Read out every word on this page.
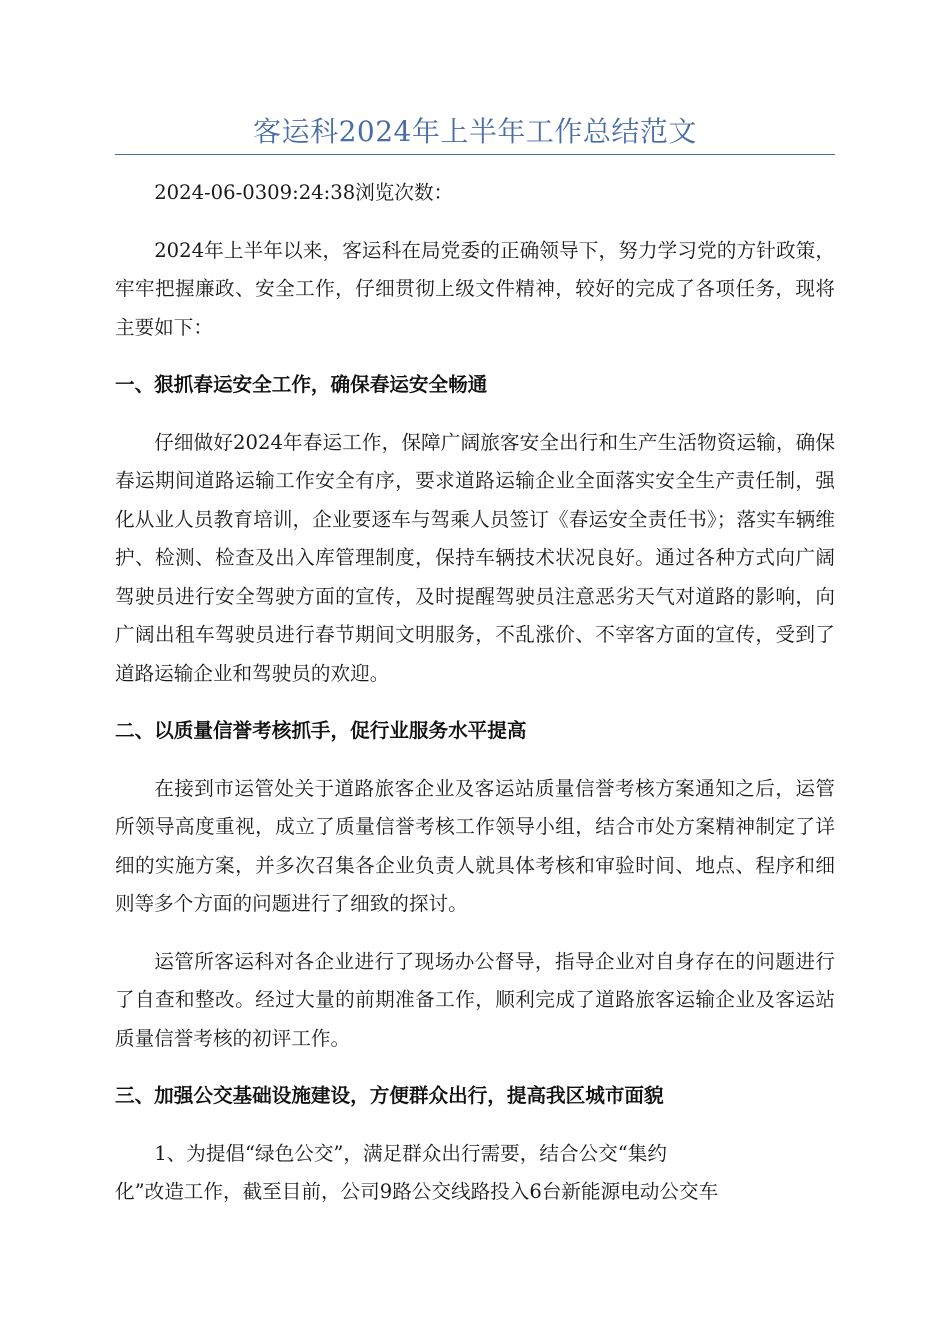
客运科2024年上半年工作总结范文

2024-06-0309:24:38浏览次数：

2024年上半年以来，客运科在局党委的正确领导下，努力学习党的方针政策，牢牢把握廉政、安全工作，仔细贯彻上级文件精神，较好的完成了各项任务，现将主要如下：

一、狠抓春运安全工作，确保春运安全畅通

仔细做好2024年春运工作，保障广阔旅客安全出行和生产生活物资运输，确保春运期间道路运输工作安全有序，要求道路运输企业全面落实安全生产责任制，强化从业人员教育培训，企业要逐车与驾乘人员签订《春运安全责任书》；落实车辆维护、检测、检查及出入库管理制度，保持车辆技术状况良好。通过各种方式向广阔驾驶员进行安全驾驶方面的宣传，及时提醒驾驶员注意恶劣天气对道路的影响，向广阔出租车驾驶员进行春节期间文明服务，不乱涨价、不宰客方面的宣传，受到了道路运输企业和驾驶员的欢迎。

二、以质量信誉考核抓手，促行业服务水平提高

在接到市运管处关于道路旅客企业及客运站质量信誉考核方案通知之后，运管所领导高度重视，成立了质量信誉考核工作领导小组，结合市处方案精神制定了详细的实施方案，并多次召集各企业负责人就具体考核和审验时间、地点、程序和细则等多个方面的问题进行了细致的探讨。

运管所客运科对各企业进行了现场办公督导，指导企业对自身存在的问题进行了自查和整改。经过大量的前期准备工作，顺利完成了道路旅客运输企业及客运站质量信誉考核的初评工作。

三、加强公交基础设施建设，方便群众出行，提高我区城市面貌

1、为提倡“绿色公交”，满足群众出行需要，结合公交“集约
化”改造工作，截至目前，公司9路公交线路投入6台新能源电动公交车
